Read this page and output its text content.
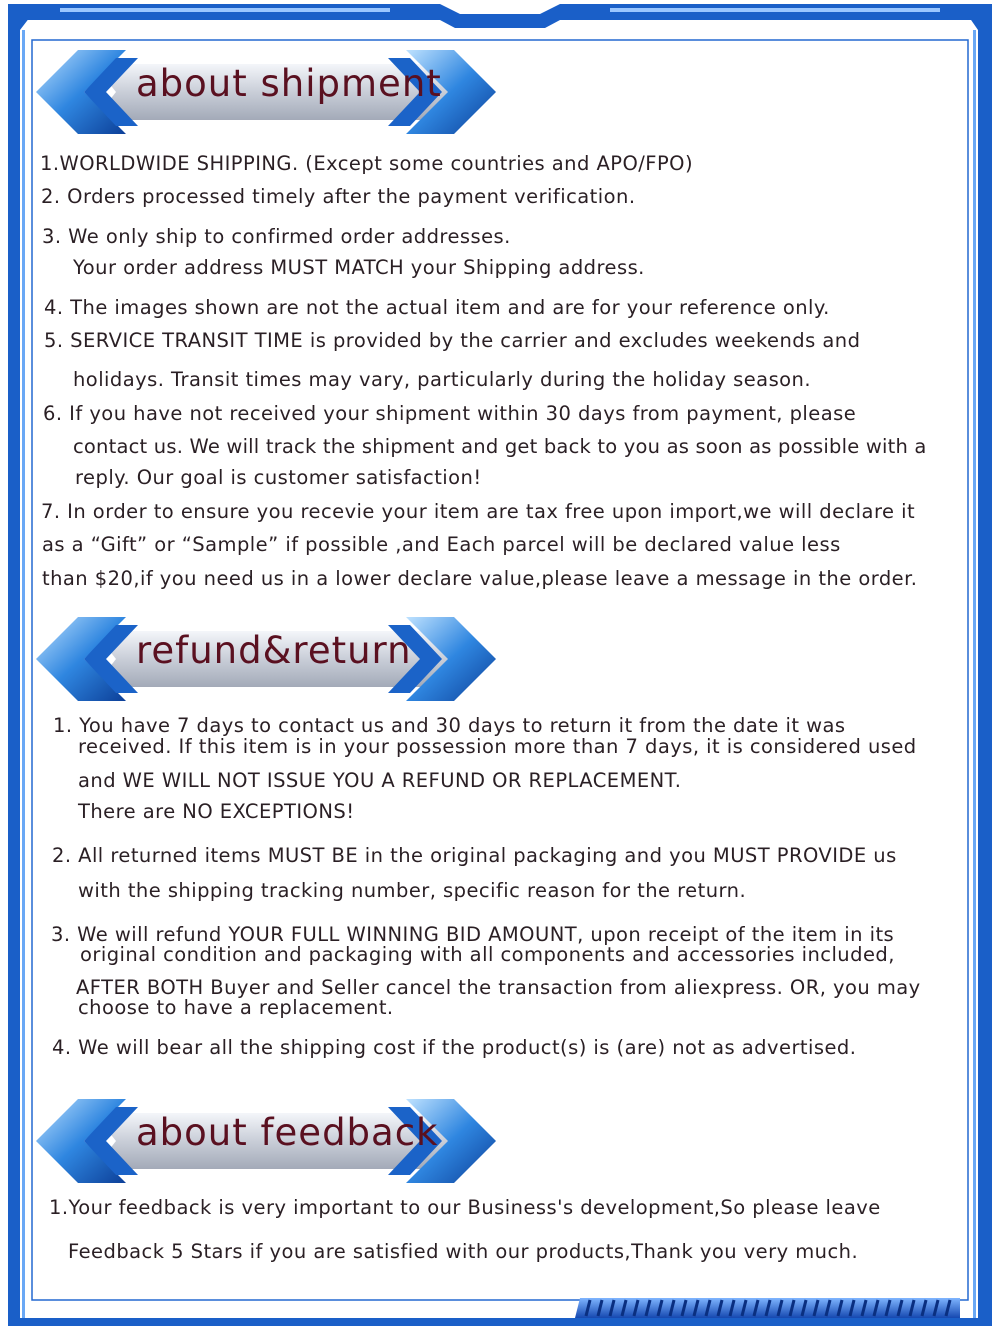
about shipment
refund&return
about feedback
1.WORLDWIDE SHIPPING. (Except some countries and APO/FPO)
2. Orders processed timely after the payment verification.
3. We only ship to confirmed order addresses.
Your order address MUST MATCH your Shipping address.
4. The images shown are not the actual item and are for your reference only.
5. SERVICE TRANSIT TIME is provided by the carrier and excludes weekends and
holidays. Transit times may vary, particularly during the holiday season.
6. If you have not received your shipment within 30 days from payment, please
contact us. We will track the shipment and get back to you as soon as possible with a
reply. Our goal is customer satisfaction!
7. In order to ensure you recevie your item are tax free upon import,we will declare it
as a “Gift” or “Sample” if possible ,and Each parcel will be declared value less
than $20,if you need us in a lower declare value,please leave a message in the order.
1. You have 7 days to contact us and 30 days to return it from the date it was
received. If this item is in your possession more than 7 days, it is considered used
and WE WILL NOT ISSUE YOU A REFUND OR REPLACEMENT.
There are NO EXCEPTIONS!
2. All returned items MUST BE in the original packaging and you MUST PROVIDE us
with the shipping tracking number, specific reason for the return.
3. We will refund YOUR FULL WINNING BID AMOUNT, upon receipt of the item in its
original condition and packaging with all components and accessories included,
AFTER BOTH Buyer and Seller cancel the transaction from aliexpress. OR, you may
choose to have a replacement.
4. We will bear all the shipping cost if the product(s) is (are) not as advertised.
1.Your feedback is very important to our Business's development,So please leave
Feedback 5 Stars if you are satisfied with our products,Thank you very much.
